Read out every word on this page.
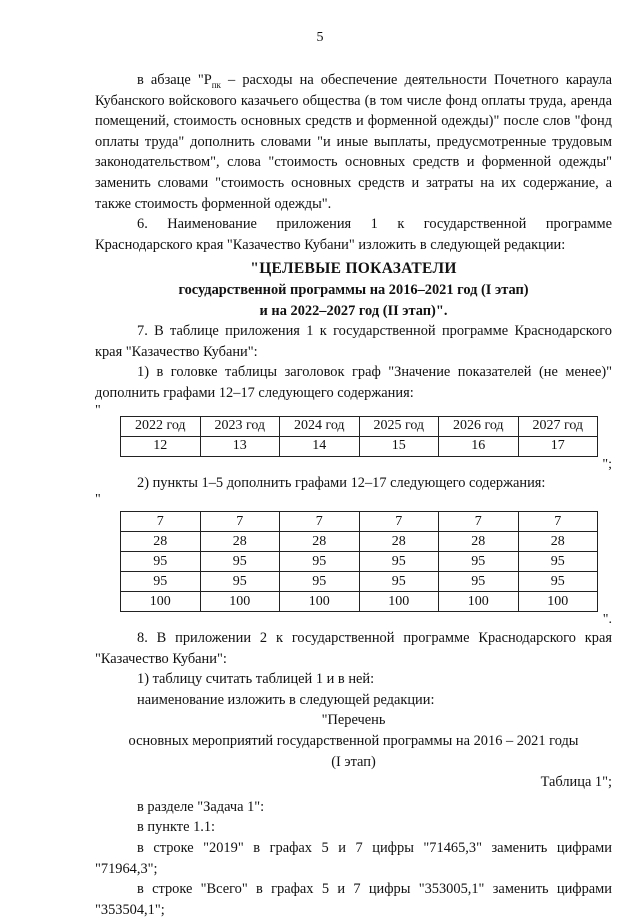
5

в абзаце "$Р_{пк}$ – расходы на обеспечение деятельности Почетного караула Кубанского войскового казачьего общества (в том числе фонд оплаты труда, аренда помещений, стоимость основных средств и форменной одежды)" после слов "фонд оплаты труда" дополнить словами "и иные выплаты, предусмотренные трудовым законодательством", слова "стоимость основных средств и форменной одежды" заменить словами "стоимость основных средств и затраты на их содержание, а также стоимость форменной одежды".

6. Наименование приложения 1 к государственной программе Краснодарского края "Казачество Кубани" изложить в следующей редакции:

"ЦЕЛЕВЫЕ ПОКАЗАТЕЛИ

государственной программы на 2016–2021 год (I этап)

и на 2022–2027 год (II этап)".

7. В таблице приложения 1 к государственной программе Краснодарского края "Казачество Кубани":

1) в головке таблицы заголовок граф "Значение показателей (не менее)" дополнить графами 12–17 следующего содержания:

"

2022 год	2023 год	2024 год	2025 год	2026 год	2027 год
12	13	14	15	16	17

";

2) пункты 1–5 дополнить графами 12–17 следующего содержания:

"

7	7	7	7	7	7
28	28	28	28	28	28
95	95	95	95	95	95
95	95	95	95	95	95
100	100	100	100	100	100

".

8. В приложении 2 к государственной программе Краснодарского края "Казачество Кубани":

1) таблицу считать таблицей 1 и в ней:

наименование изложить в следующей редакции:

"Перечень

основных мероприятий государственной программы на 2016 – 2021 годы

(I этап)

Таблица 1";

в разделе "Задача 1":

в пункте 1.1:

в строке "2019" в графах 5 и 7 цифры "71465,3" заменить цифрами "71964,3";

в строке "Всего" в графах 5 и 7 цифры "353005,1" заменить цифрами "353504,1";
